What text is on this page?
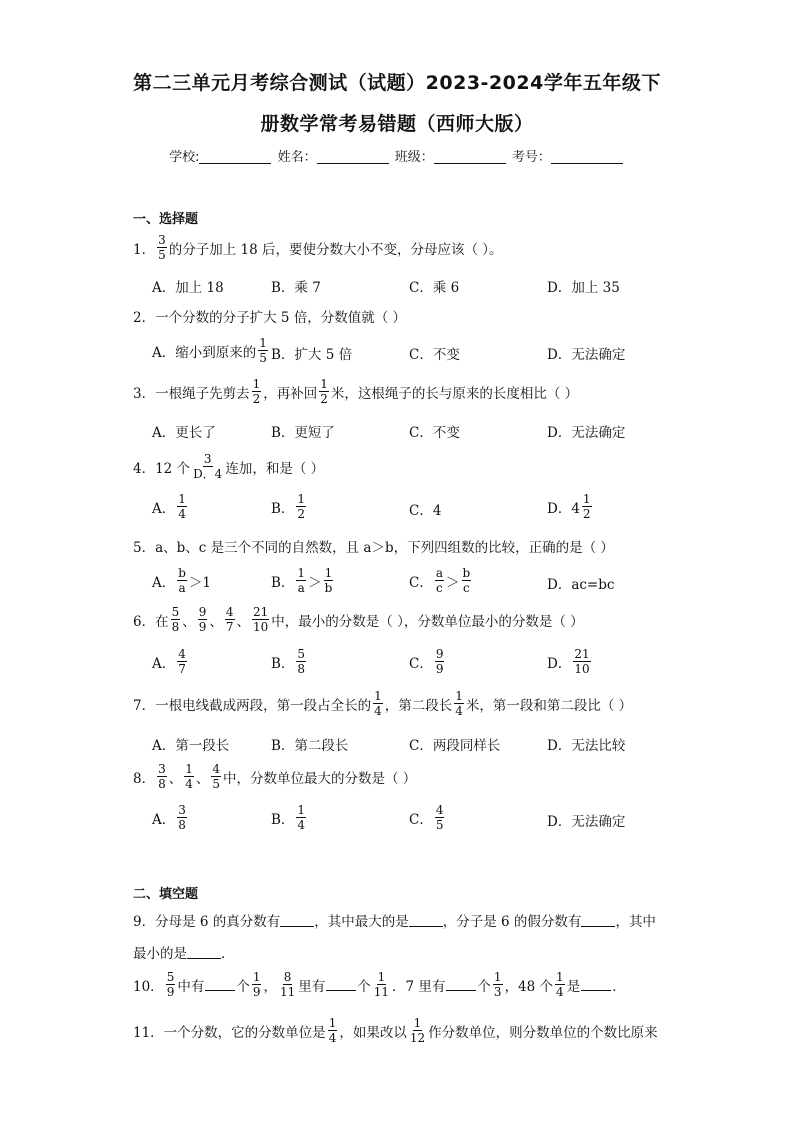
第二三单元月考综合测试（试题）2023-2024学年五年级下
册数学常考易错题（西师大版）
学校:	姓名：	班级：	考号：
一、选择题
1． $\frac{3}{5}$ 的分子加上 18 后，要使分数大小不变，分母应该（ ）。
A．加上 18	B．乘 7	C．乘 6	D．加上 35
2．一个分数的分子扩大 5 倍，分数值就（ ）
A．缩小到原来的 $\frac{1}{5}$ B．扩大 5 倍	C．不变	D．无法确定
3．一根绳子先剪去 $\frac{1}{2}$ ，再补回 $\frac{1}{2}$ 米，这根绳子的长与原来的长度相比（ ）
A．更长了	B．更短了	C．不变	D．无法确定
4．12 个 $\frac{3}{D.4}$ 连加，和是（ ）
A． $\frac{1}{4}$	B． $\frac{1}{2}$	C．4	D．$4 \frac{1}{2}$
5．a、b、c 是三个不同的自然数，且 a＞b，下列四组数的比较，正确的是（ ）
A． $\frac{b}{a} >1$	B． $\frac{1}{a} > \frac{1}{b}$	C． $\frac{a}{c} > \frac{b}{c}$	D．ac=bc
6．在 $\frac{5}{8}$ 、 $\frac{9}{9}$ 、 $\frac{4}{7}$ 、 $\frac{21}{10}$ 中，最小的分数是（ ），分数单位最小的分数是（ ）
A． $\frac{4}{7}$	B． $\frac{5}{8}$	C． $\frac{9}{9}$	D． $\frac{21}{10}$
7．一根电线截成两段，第一段占全长的 $\frac{1}{4}$ ，第二段长 $\frac{1}{4}$ 米，第一段和第二段比（ ）
A．第一段长	B．第二段长	C．两段同样长	D．无法比较
8． $\frac{3}{8}$ 、 $\frac{1}{4}$ 、 $\frac{4}{5}$ 中，分数单位最大的分数是（ ）
A． $\frac{3}{8}$	B． $\frac{1}{4}$	C． $\frac{4}{5}$	D．无法确定
二、填空题
9．分母是 6 的真分数有	，其中最大的是	，分子是 6 的假分数有	，其中
最小的是	．
10． $\frac{5}{9}$ 中有 个 $\frac{1}{9}$ ， $\frac{8}{11}$ 里有 个 $\frac{1}{11}$ ．7 里有 个 $\frac{1}{3}$ ，48 个 $\frac{1}{4}$ 是 ．
11．一个分数，它的分数单位是 $\frac{1}{4}$ ，如果改以 $\frac{1}{12}$ 作分数单位，则分数单位的个数比原来
